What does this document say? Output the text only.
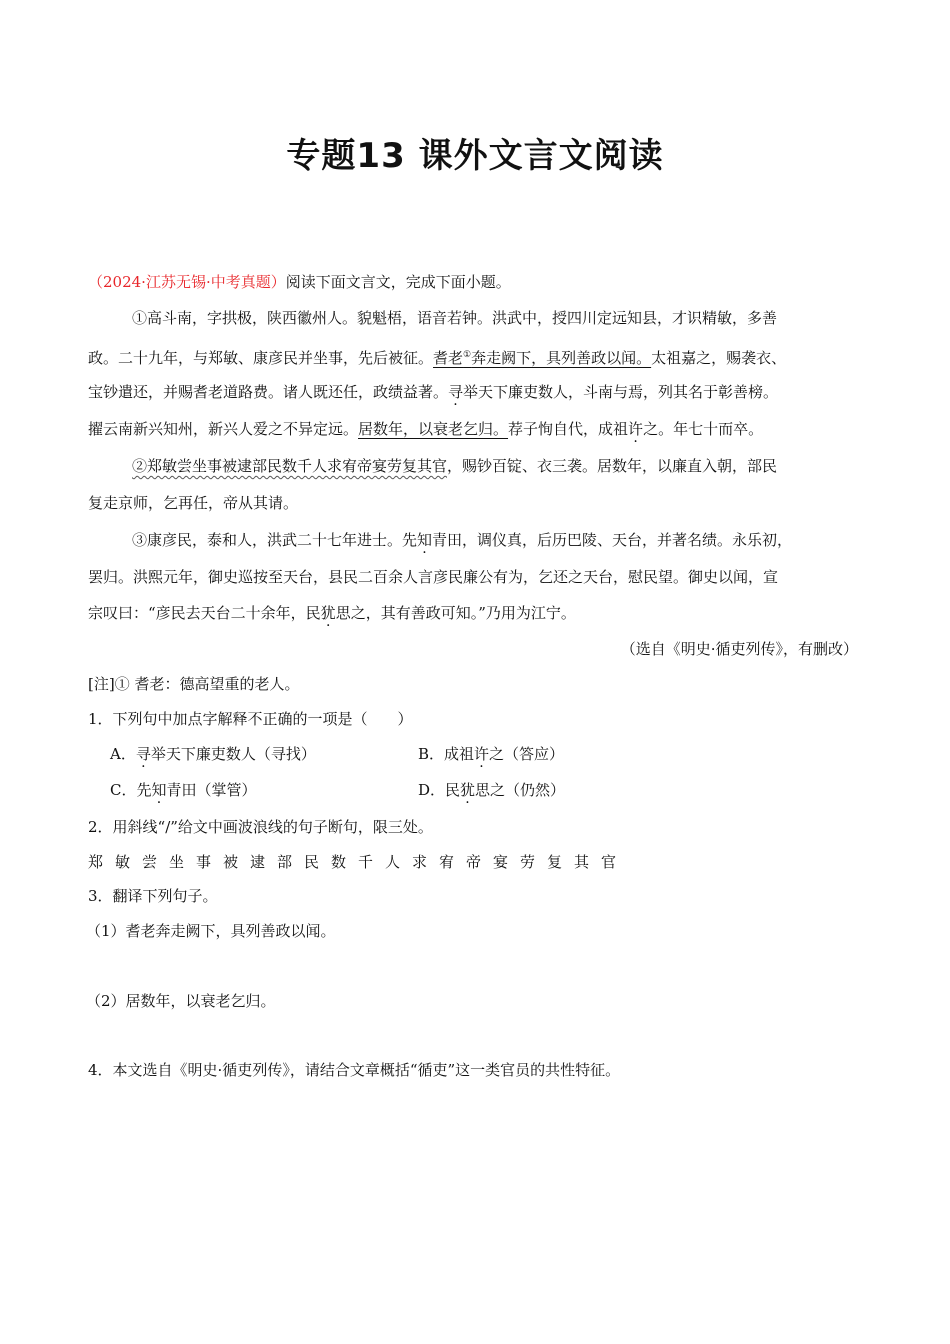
专题13 课外文言文阅读
（2024·江苏无锡·中考真题）阅读下面文言文，完成下面小题。
①高斗南，字拱极，陕西徽州人。貌魁梧，语音若钟。洪武中，授四川定远知县，才识精敏，多善
政。二十九年，与郑敏、康彦民并坐事，先后被征。耆老①奔走阙下，具列善政以闻。太祖嘉之，赐袭衣、
宝钞遣还，并赐耆老道路费。诸人既还任，政绩益著。寻举天下廉吏数人，斗南与焉，列其名于彰善榜。
擢云南新兴知州，新兴人爱之不异定远。居数年，以衰老乞归。荐子恂自代，成祖许之。年七十而卒。
②郑敏尝坐事被逮部民数千人求宥帝宴劳复其官，赐钞百锭、衣三袭。居数年，以廉直入朝，部民
复走京师，乞再任，帝从其请。
③康彦民，泰和人，洪武二十七年进士。先知青田，调仪真，后历巴陵、天台，并著名绩。永乐初，
罢归。洪熙元年，御史巡按至天台，县民二百余人言彦民廉公有为，乞还之天台，慰民望。御史以闻，宣
宗叹曰：“彦民去天台二十余年，民犹思之，其有善政可知。”乃用为江宁。
（选自《明史·循吏列传》，有删改）
[注]① 耆老：德高望重的老人。
1．下列句中加点字解释不正确的一项是（　　）
A．寻举天下廉吏数人（寻找）	B．成祖许之（答应）
C．先知青田（掌管）	D．民犹思之（仍然）
2．用斜线“/”给文中画波浪线的句子断句，限三处。
郑敏尝坐事被逮部民数千人求宥帝宴劳复其官
3．翻译下列句子。
（1）耆老奔走阙下，具列善政以闻。
（2）居数年，以衰老乞归。
4．本文选自《明史·循吏列传》，请结合文章概括“循吏”这一类官员的共性特征。
